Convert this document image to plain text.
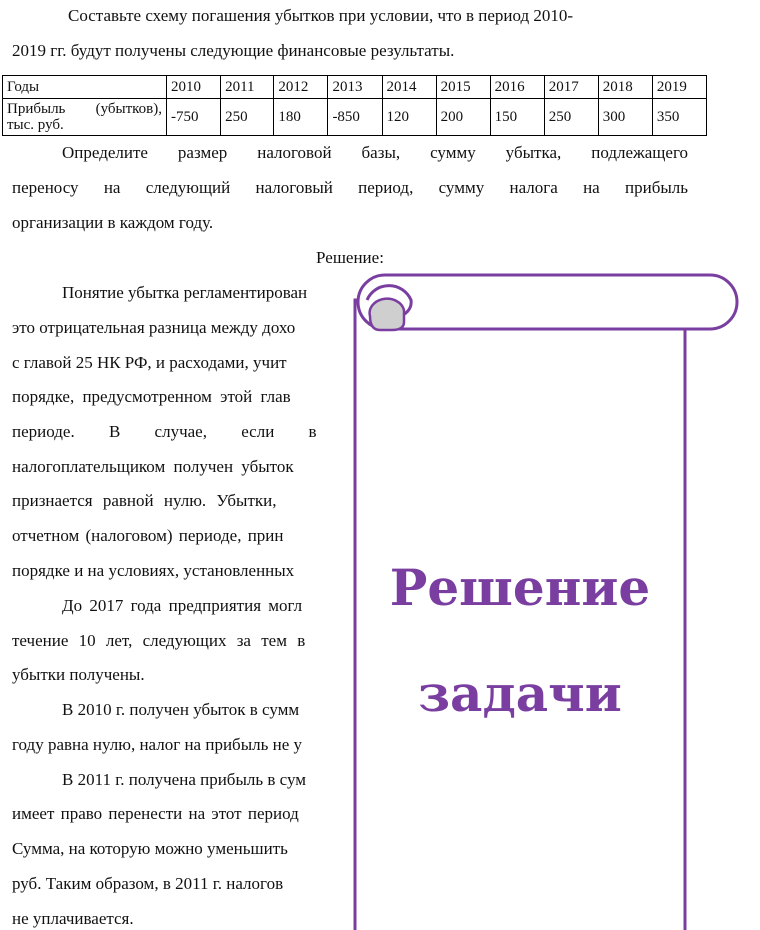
Составьте схему погашения убытков при условии, что в период 2010-
2019 гг. будут получены следующие финансовые результаты.
Годы	2010	2011	2012	2013	2014	2015	2016	2017	2018	2019

Прибыль (убытков), тыс. руб.	-750	250	180	-850	120	200	150	250	300	350
Определите размер налоговой базы, сумму убытка, подлежащего
переносу на следующий налоговый период, сумму налога на прибыль
организации в каждом году.
Решение:
Понятие убытка регламентирован
это отрицательная разница между дохо
с главой 25 НК РФ, и расходами, учит
порядке, предусмотренном этой глав
периоде. В случае, если в
налогоплательщиком получен убыток
признается равной нулю. Убытки,
отчетном (налоговом) периоде, прин
порядке и на условиях, установленных
До 2017 года предприятия могл
течение 10 лет, следующих за тем в
убытки получены.
В 2010 г. получен убыток в сумм
году равна нулю, налог на прибыль не у
В 2011 г. получена прибыль в сум
имеет право перенести на этот период
Сумма, на которую можно уменьшить
руб. Таким образом, в 2011 г. налогов
не уплачивается.
Решение
задачи
